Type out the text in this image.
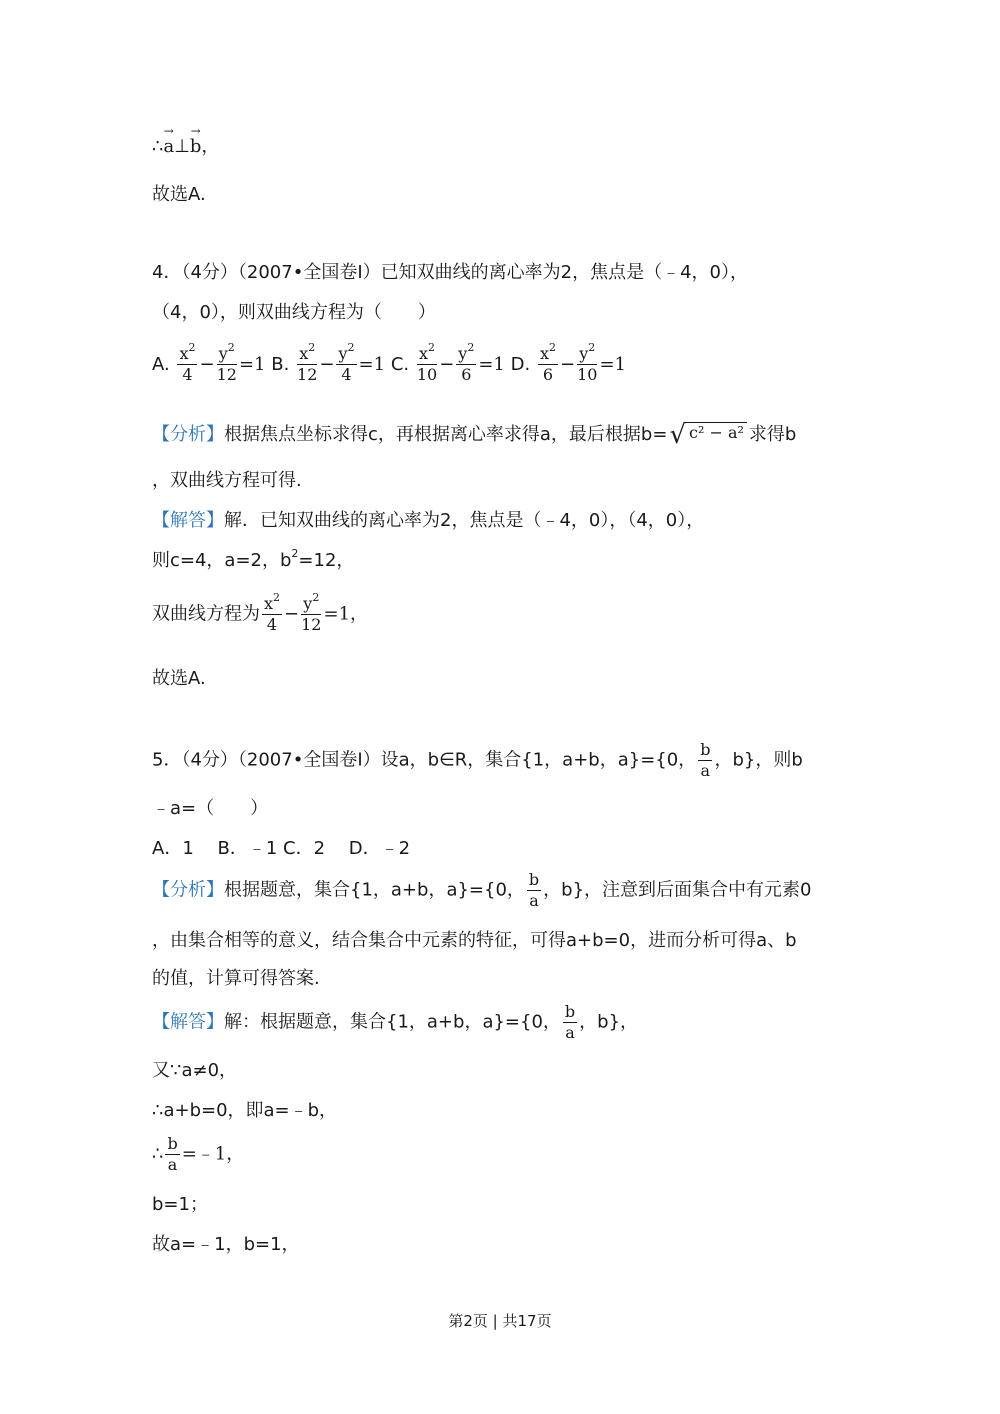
∴→ a⊥→ b，
故选A.
4．（4分）（2007•全国卷Ⅰ）已知双曲线的离心率为2，焦点是（﹣4，0），
（4，0），则双曲线方程为（　　）
A. $\frac{x^2}{4} - \frac{y^2}{12} =1$ B. $\frac{x^2}{12} - \frac{y^2}{4} =1$ C. $\frac{x^2}{10} - \frac{y^2}{6} =1$ D. $\frac{x^2}{6} - \frac{y^2}{10} =1$
【分析】根据焦点坐标求得c，再根据离心率求得a，最后根据b= √ c² − a² 求得b
，双曲线方程可得.
【解答】解．已知双曲线的离心率为2，焦点是（﹣4，0），（4，0），
则c=4，a=2，$b^2=12$，
双曲线方程为 $\frac{x^2}{4} - \frac{y^2}{12} =1$，
故选A.
5．（4分）（2007•全国卷Ⅰ）设a，b∈R，集合{1，a+b，a}={0， $\frac{b}{a}$ ，b}，则b
﹣a=（　　）
A．1　 B．﹣1 C．2　 D．﹣2
【分析】根据题意，集合{1，a+b，a}={0， $\frac{b}{a}$ ，b}，注意到后面集合中有元素0
，由集合相等的意义，结合集合中元素的特征，可得a+b=0，进而分析可得a、b
的值，计算可得答案.
【解答】解：根据题意，集合{1，a+b，a}={0， $\frac{b}{a}$ ，b}，
又∵a≠0，
∴a+b=0，即a=﹣b，
∴ $\frac{b}{a}$ =﹣1，
b=1；
故a=﹣1，b=1，
第2页 | 共17页
